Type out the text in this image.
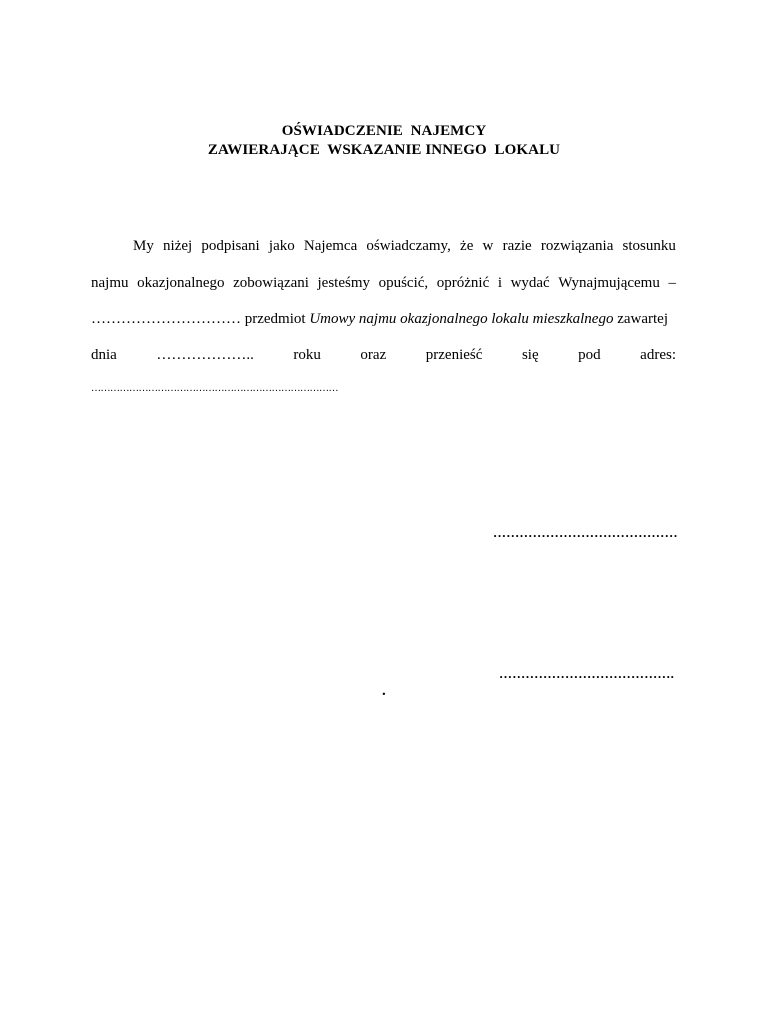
OŚWIADCZENIE  NAJEMCY
ZAWIERAJĄCE  WSKAZANIE INNEGO  LOKALU
My niżej podpisani jako Najemca oświadczamy, że w razie rozwiązania stosunku
najmu okazjonalnego zobowiązani jesteśmy opuścić, opróżnić i wydać Wynajmującemu –
………………………… przedmiot Umowy najmu okazjonalnego lokalu mieszkalnego zawartej
dnia	………………..	roku	oraz	przenieść	się	pod	adres:
……………………………………………………………………
……………………………………
………………………………….
.
